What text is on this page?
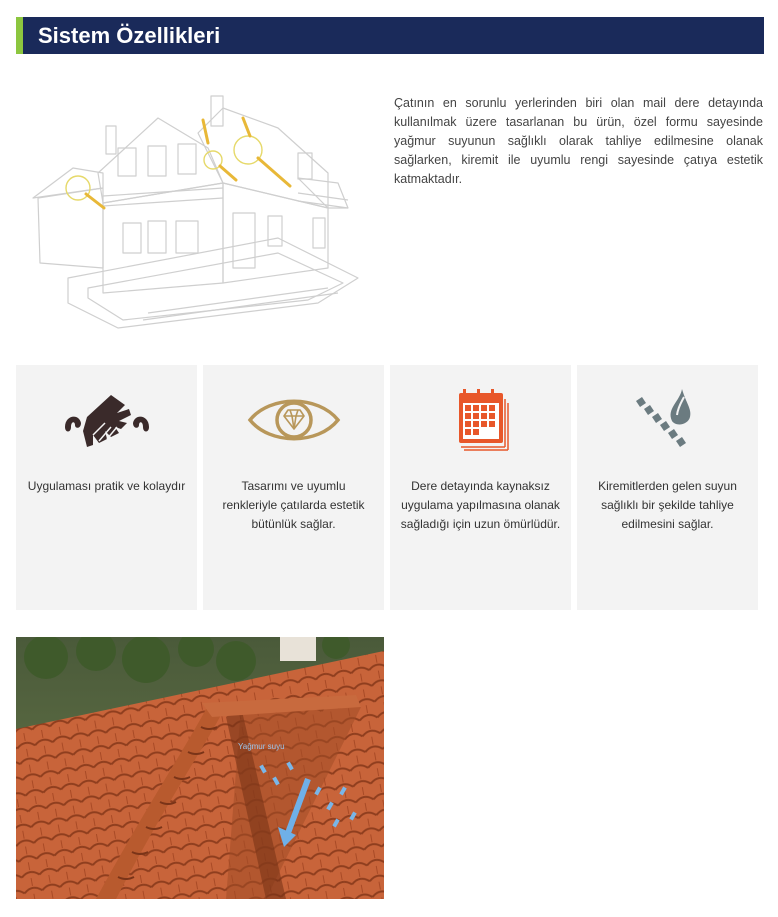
Sistem Özellikleri

Çatının en sorunlu yerlerinden biri olan mail dere detayında kullanılmak üzere tasarlanan bu ürün, özel formu sayesinde yağmur suyunun sağlıklı olarak tahliye edilmesine olanak sağlarken, kiremit ile uyumlu rengi sayesinde çatıya estetik katmaktadır.

Uygulaması pratik ve kolaydır	Tasarımı ve uyumlu renkleriyle çatılarda estetik bütünlük sağlar.
Dere detayında kaynaksız uygulama yapılmasına olanak sağladığı için uzun ömürlüdür.
Kiremitlerden gelen suyun sağlıklı bir şekilde tahliye edilmesini sağlar.
Yağmur suyu
